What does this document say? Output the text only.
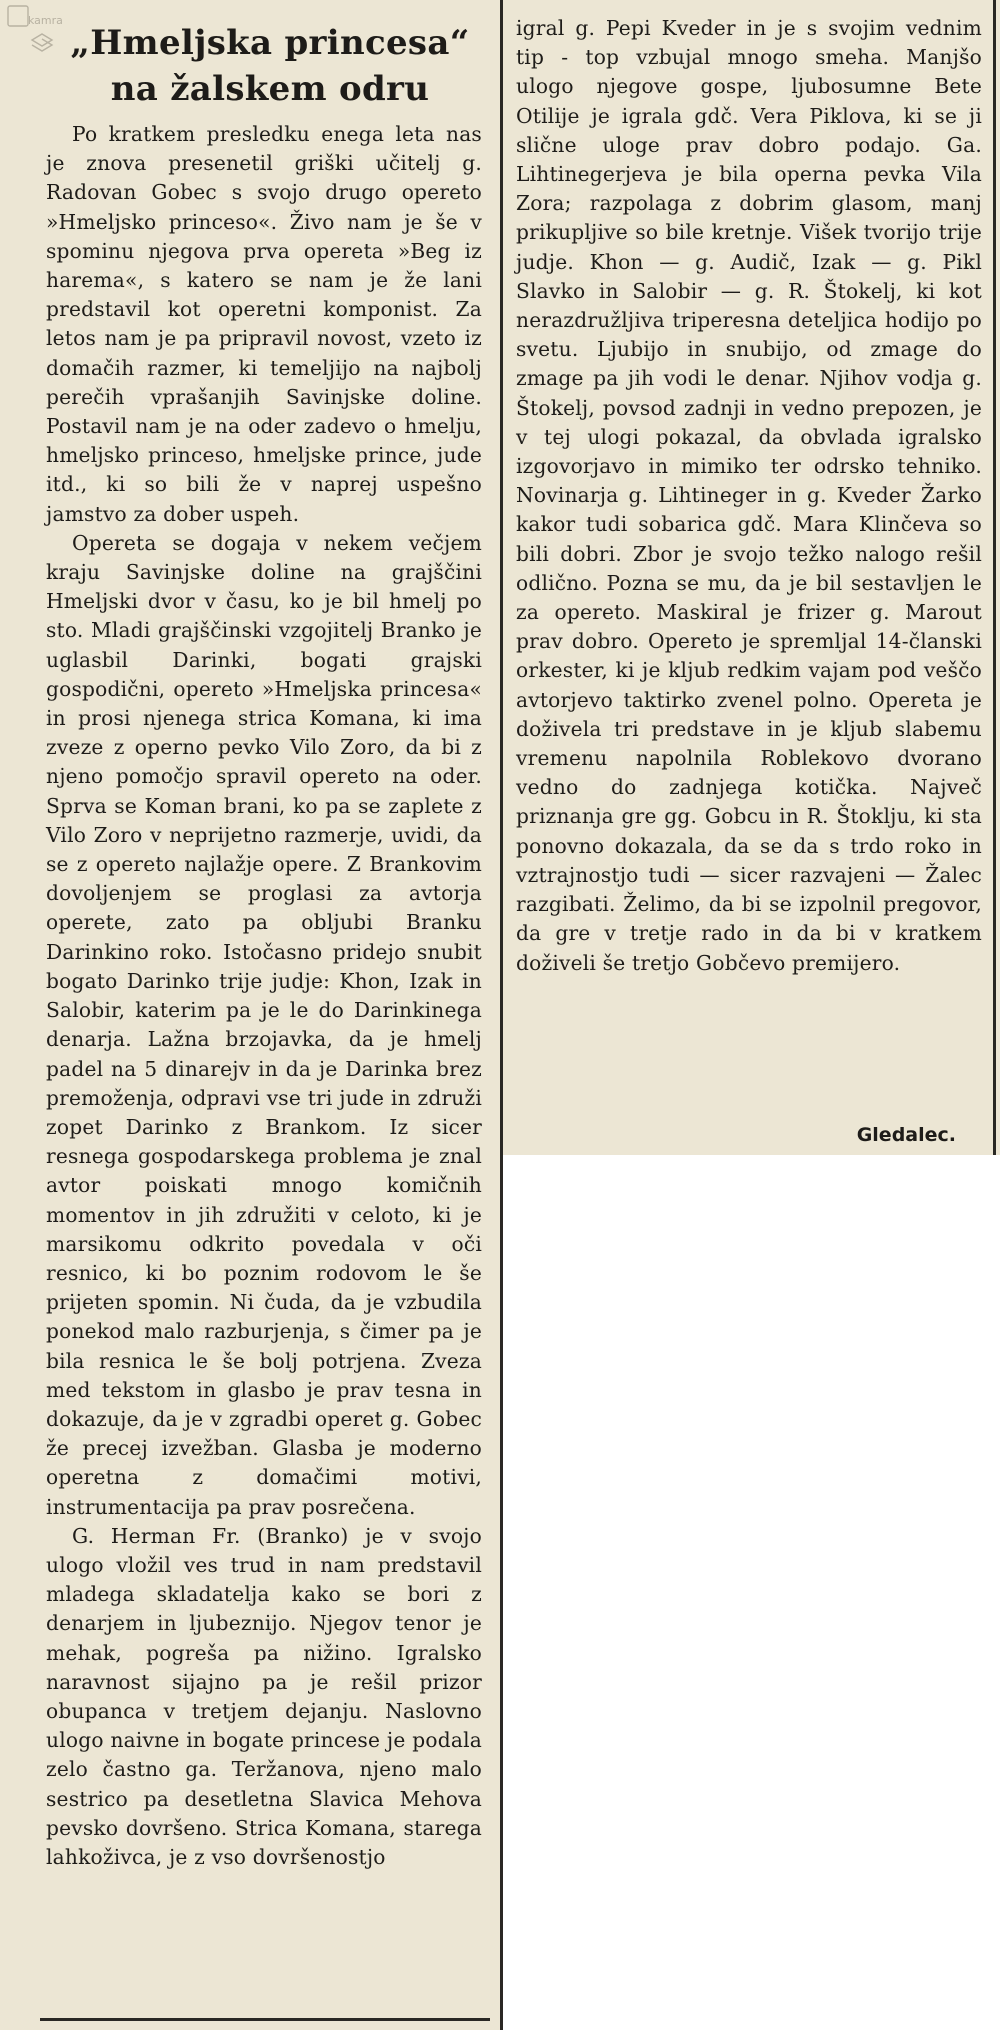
kamra
„Hmeljska princesa“ na žalskem odru

Po kratkem presledku enega leta nas je znova presenetil griški učitelj g. Radovan Gobec s svojo drugo opereto »Hmeljsko princeso«. Živo nam je še v spominu njegova prva opereta »Beg iz harema«, s katero se nam je že lani predstavil kot operetni komponist. Za letos nam je pa pripravil novost, vzeto iz domačih razmer, ki temeljijo na najbolj perečih vprašanjih Savinjske doline. Postavil nam je na oder zadevo o hmelju, hmeljsko princeso, hmeljske prince, jude itd., ki so bili že v naprej uspešno jamstvo za dober uspeh.

Opereta se dogaja v nekem večjem kraju Savinjske doline na grajščini Hmeljski dvor v času, ko je bil hmelj po sto. Mladi grajščinski vzgojitelj Branko je uglasbil Darinki, bogati grajski gospodični, opereto »Hmeljska princesa« in prosi njenega strica Komana, ki ima zveze z operno pevko Vilo Zoro, da bi z njeno pomočjo spravil opereto na oder. Sprva se Koman brani, ko pa se zaplete z Vilo Zoro v neprijetno razmerje, uvidi, da se z opereto najlažje opere. Z Brankovim dovoljenjem se proglasi za avtorja operete, zato pa obljubi Branku Darinkino roko. Istočasno pridejo snubit bogato Darinko trije judje: Khon, Izak in Salobir, katerim pa je le do Darinkinega denarja. Lažna brzojavka, da je hmelj padel na 5 dinarejv in da je Darinka brez premoženja, odpravi vse tri jude in združi zopet Darinko z Brankom. Iz sicer resnega gospodarskega problema je znal avtor poiskati mnogo komičnih momentov in jih združiti v celoto, ki je marsikomu odkrito povedala v oči resnico, ki bo poznim rodovom le še prijeten spomin. Ni čuda, da je vzbudila ponekod malo razburjenja, s čimer pa je bila resnica le še bolj potrjena. Zveza med tekstom in glasbo je prav tesna in dokazuje, da je v zgradbi operet g. Gobec že precej izvežban. Glasba je moderno operetna z domačimi motivi, instrumentacija pa prav posrečena.

G. Herman Fr. (Branko) je v svojo ulogo vložil ves trud in nam predstavil mladega skladatelja kako se bori z denarjem in ljubeznijo. Njegov tenor je mehak, pogreša pa nižino. Igralsko naravnost sijajno pa je rešil prizor obupanca v tretjem dejanju. Naslovno ulogo naivne in bogate princese je podala zelo častno ga. Teržanova, njeno malo sestrico pa desetletna Slavica Mehova pevsko dovršeno. Strica Komana, starega lahkoživca, je z vso dovršenostjo

igral g. Pepi Kveder in je s svojim vednim tip - top vzbujal mnogo smeha. Manjšo ulogo njegove gospe, ljubosumne Bete Otilije je igrala gdč. Vera Piklova, ki se ji slične uloge prav dobro podajo. Ga. Lihtinegerjeva je bila operna pevka Vila Zora; razpolaga z dobrim glasom, manj prikupljive so bile kretnje. Višek tvorijo trije judje. Khon — g. Audič, Izak — g. Pikl Slavko in Salobir — g. R. Štokelj, ki kot nerazdružljiva triperesna deteljica hodijo po svetu. Ljubijo in snubijo, od zmage do zmage pa jih vodi le denar. Njihov vodja g. Štokelj, povsod zadnji in vedno prepozen, je v tej ulogi pokazal, da obvlada igralsko izgovorjavo in mimiko ter odrsko tehniko. Novinarja g. Lihtineger in g. Kveder Žarko kakor tudi sobarica gdč. Mara Klinčeva so bili dobri. Zbor je svojo težko nalogo rešil odlično. Pozna se mu, da je bil sestavljen le za opereto. Maskiral je frizer g. Marout prav dobro. Opereto je spremljal 14-članski orkester, ki je kljub redkim vajam pod veščo avtorjevo taktirko zvenel polno. Opereta je doživela tri predstave in je kljub slabemu vremenu napolnila Roblekovo dvorano vedno do zadnjega kotička. Največ priznanja gre gg. Gobcu in R. Štoklju, ki sta ponovno dokazala, da se da s trdo roko in vztrajnostjo tudi — sicer razvajeni — Žalec razgibati. Želimo, da bi se izpolnil pregovor, da gre v tretje rado in da bi v kratkem doživeli še tretjo Gobčevo premijero.

Gledalec.
